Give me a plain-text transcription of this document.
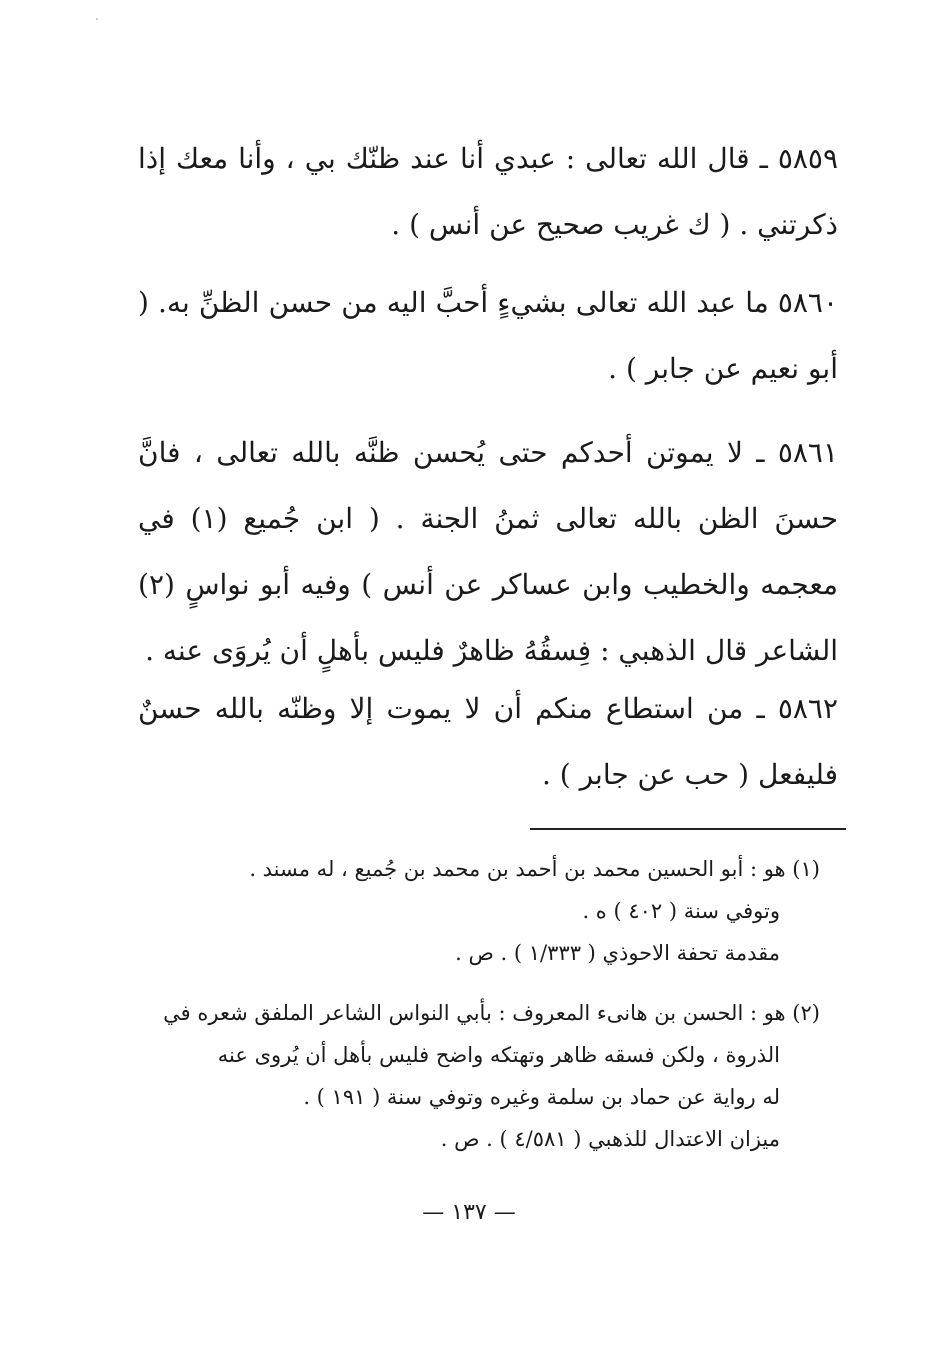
٥٨٥٩ ـ قال الله تعالى : عبدي أنا عند ظنّك بي ، وأنا معك إذا ذكرتني . ( ك غريب صحيح عن أنس ) .

٥٨٦٠ ما عبد الله تعالى بشيءٍ أحبَّ اليه من حسن الظنِّ به. ( أبو نعيم عن جابر ) .

٥٨٦١ ـ لا يموتن أحدكم حتى يُحسن ظنَّه بالله تعالى ، فانَّ حسنَ الظن بالله تعالى ثمنُ الجنة . ( ابن جُميع (١) في معجمه والخطيب وابن عساكر عن أنس ) وفيه أبو نواسٍ (٢) الشاعر قال الذهبي : فِسقُهُ ظاهرٌ فليس بأهلٍ أن يُروَى عنه .

٥٨٦٢ ـ من استطاع منكم أن لا يموت إلا وظنّه بالله حسنٌ فليفعل ( حب عن جابر ) .

(١) هو : أبو الحسين محمد بن أحمد بن محمد بن جُميع ، له مسند .
وتوفي سنة ( ٤٠٢ ) ه .
مقدمة تحفة الاحوذي ( ١/٣٣٣ ) . ص .
(٢) هو : الحسن بن هانىء المعروف : بأبي النواس الشاعر الملفق شعره في
الذروة ، ولكن فسقه ظاهر وتهتكه واضح فليس بأهل أن يُروى عنه
له رواية عن حماد بن سلمة وغيره وتوفي سنة ( ١٩١ ) .
ميزان الاعتدال للذهبي ( ٤/٥٨١ ) . ص .
— ١٣٧ —
